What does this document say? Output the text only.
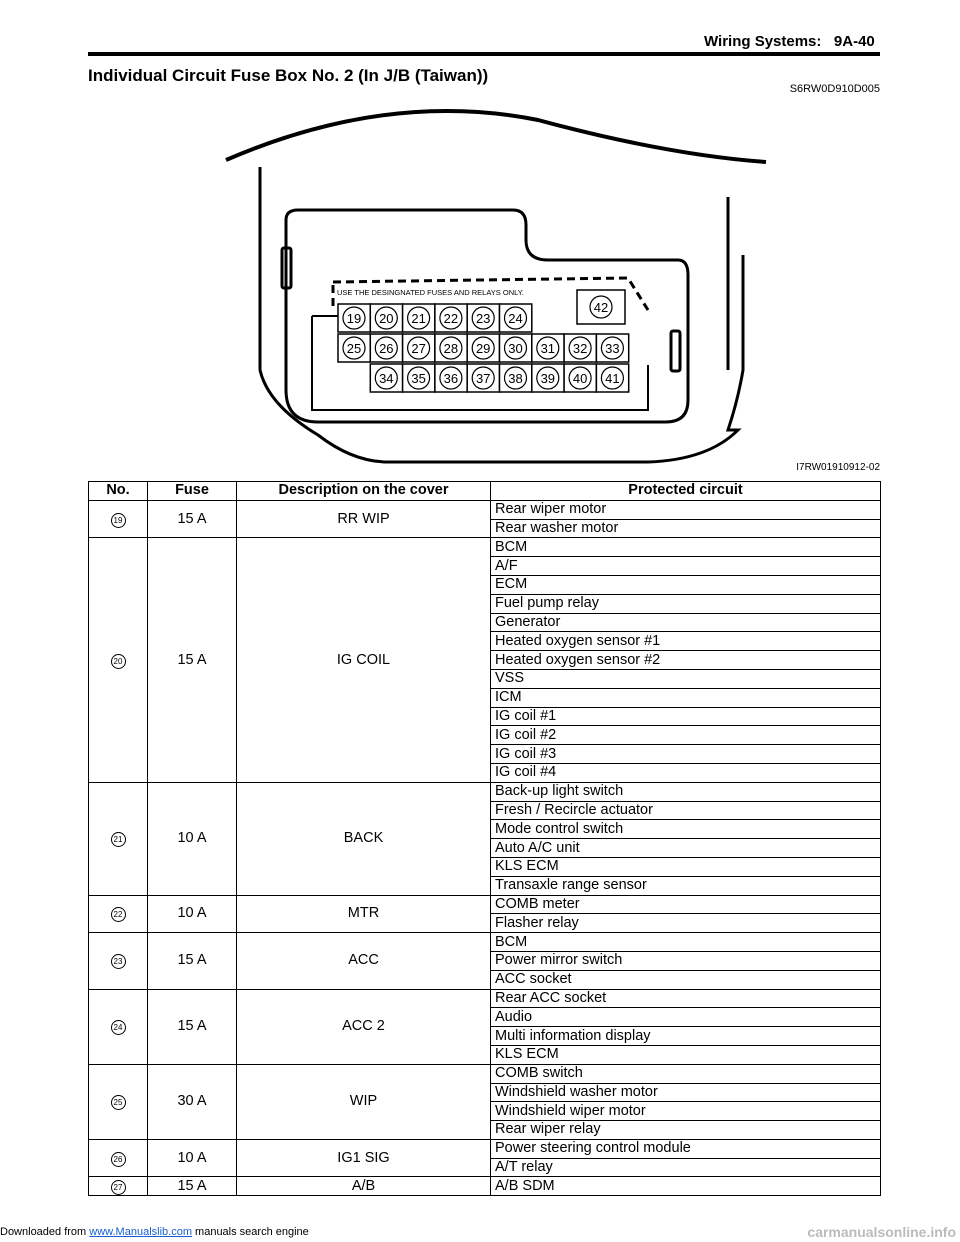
Wiring Systems: 9A-40
Individual Circuit Fuse Box No. 2 (In J/B (Taiwan))
S6RW0D910D005
USE THE DESINGNATED FUSES AND RELAYS ONLY.
42
19 20 21 22 23 24
25 26 27 28 29 30 31 32 33
34 35 36 37 38 39 40 41
I7RW01910912-02
No.	Fuse	Description on the cover	Protected circuit
19	15 A	RR WIP	Rear wiper motor
			Rear washer motor
20	15 A	IG COIL	BCM
			A/F
			ECM
			Fuel pump relay
			Generator
			Heated oxygen sensor #1
			Heated oxygen sensor #2
			VSS
			ICM
			IG coil #1
			IG coil #2
			IG coil #3
			IG coil #4
21	10 A	BACK	Back-up light switch
			Fresh / Recircle actuator
			Mode control switch
			Auto A/C unit
			KLS ECM
			Transaxle range sensor
22	10 A	MTR	COMB meter
			Flasher relay
23	15 A	ACC	BCM
			Power mirror switch
			ACC socket
24	15 A	ACC 2	Rear ACC socket
			Audio
			Multi information display
			KLS ECM
25	30 A	WIP	COMB switch
			Windshield washer motor
			Windshield wiper motor
			Rear wiper relay
26	10 A	IG1 SIG	Power steering control module
			A/T relay
27	15 A	A/B	A/B SDM
Downloaded from www.Manualslib.com manuals search engine	carmanualsonline.info
